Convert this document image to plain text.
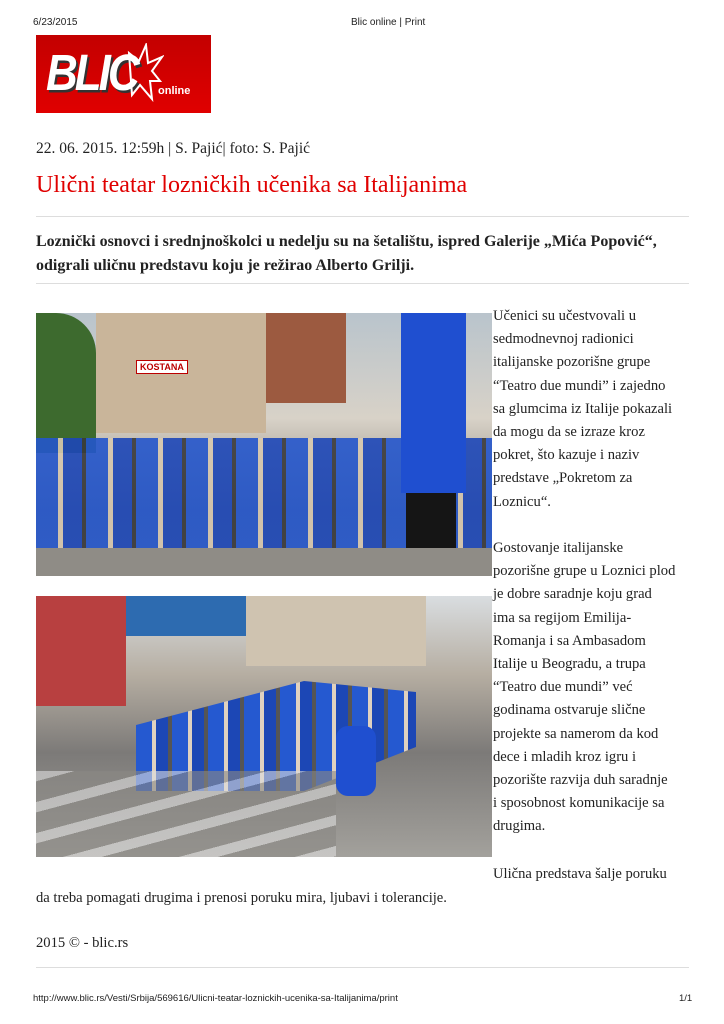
6/23/2015	Blic online | Print
BLIC online
22. 06. 2015. 12:59h | S. Pajić| foto: S. Pajić
Ulični teatar lozničkih učenika sa Italijanima
Loznički osnovci i srednjnoškolci u nedelju su na šetalištu, ispred Galerije „Mića Popović“, odigrali uličnu predstavu koju je režirao Alberto Grilji.
KOSTANA
Učenici su učestvovali u
sedmodnevnoj radionici
italijanske pozorišne grupe
“Teatro due mundi” i zajedno
sa glumcima iz Italije pokazali
da mogu da se izraze kroz
pokret, što kazuje i naziv
predstave „Pokretom za
Loznicu“.
Gostovanje italijanske
pozorišne grupe u Loznici plod
je dobre saradnje koju grad
ima sa regijom Emilija-
Romanja i sa Ambasadom
Italije u Beogradu, a trupa
“Teatro due mundi” već
godinama ostvaruje slične
projekte sa namerom da kod
dece i mladih kroz igru i
pozorište razvija duh saradnje
i sposobnost komunikacije sa
drugima.
Ulična predstava šalje poruku
da treba pomagati drugima i prenosi poruku mira, ljubavi i tolerancije.
2015 © - blic.rs
http://www.blic.rs/Vesti/Srbija/569616/Ulicni-teatar-loznickih-ucenika-sa-Italijanima/print	1/1
